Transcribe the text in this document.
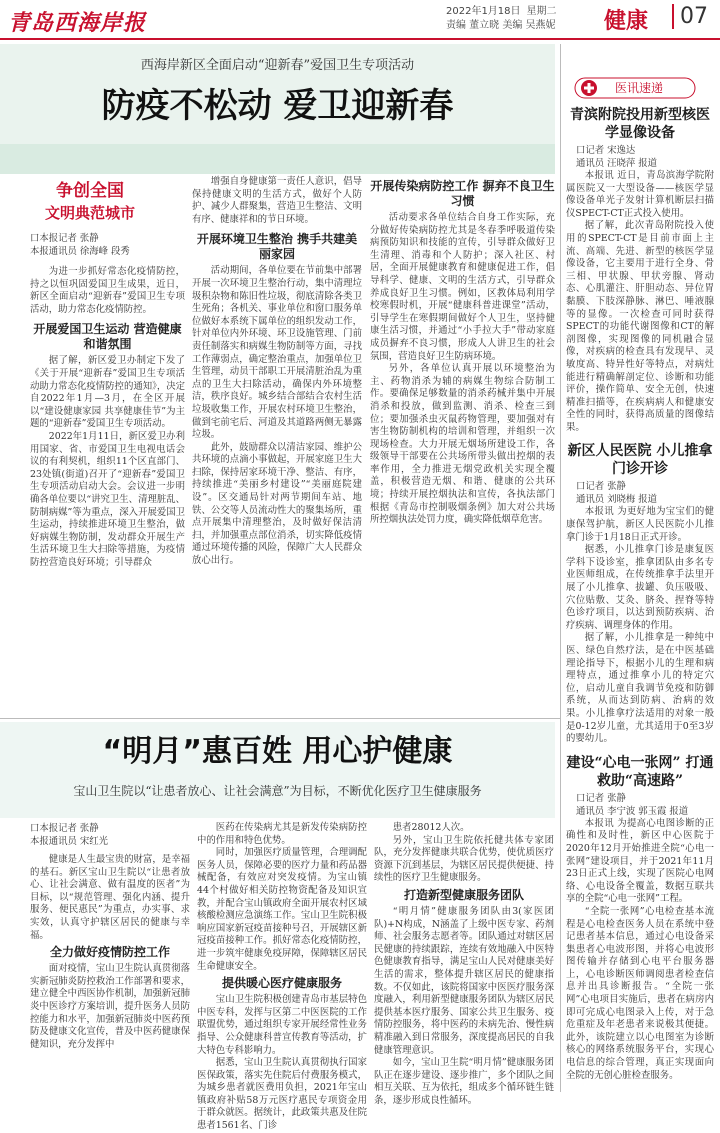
青岛西海岸报	2022年1月18日 星期二
责编 董立晓 美编 吴燕妮	健康	07
西海岸新区全面启动“迎新春”爱国卫生专项活动
防疫不松动 爱卫迎新春
争创全国
文明典范城市
口本报记者 张静
本报通讯员 徐海峰 段秀

为进一步抓好常态化疫情防控，持之以恒巩固爱国卫生成果，近日，新区全面启动“迎新春”爱国卫生专项活动，助力常态化疫情防控。

开展爱国卫生运动 营造健康和谐氛围

据了解，新区爱卫办制定下发了《关于开展“迎新春”爱国卫生专项活动助力常态化疫情防控的通知》，决定自2022年1月—3月，在全区开展以“建设健康家园 共享健康佳节”为主题的“迎新春”爱国卫生专项活动。

2022年1月11日，新区爱卫办利用国家、省、市爱国卫生电视电话会议的有利契机，组织11个区直部门、23处镇(街道)召开了“迎新春”爱国卫生专项活动启动大会。会议进一步明确各单位要以“讲究卫生、清理脏乱、防制病媒”等为重点，深入开展爱国卫生运动，持续推进环境卫生整治，做好病媒生物防制，发动群众开展生产生活环境卫生大扫除等措施，为疫情防控营造良好环境；引导群众

增强自身健康第一责任人意识，倡导保持健康文明的生活方式，做好个人防护、减少人群聚集，营造卫生整洁、文明有序、健康祥和的节日环境。

开展环境卫生整治 携手共建美丽家园

活动期间，各单位要在节前集中部署开展一次环境卫生整治行动，集中清理垃圾积杂物和陈旧性垃圾，彻底清除各类卫生死角；各机关、事业单位和窗口服务单位做好本系统下属单位的组织发动工作，针对单位内外环境、环卫设施管理、门前责任制落实和病媒生物防制等方面，寻找工作薄弱点，确定整治重点，加强单位卫生管理，动员干部职工开展清脏治乱为重点的卫生大扫除活动，确保内外环境整洁，秩序良好。城乡结合部结合农村生活垃圾收集工作，开展农村环境卫生整治，做到宅前宅后、河道及其道路两侧无暴露垃圾。

此外，鼓励群众以清洁家园、维护公共环境的点滴小事做起，开展家庭卫生大扫除，保持居家环境干净、整洁、有序，持续推进“美丽乡村建设”“美丽庭院建设”。区交通局针对两节期间车站、地铁、公交等人员流动性大的聚集场所，重点开展集中清理整治，及时做好保洁清扫，并加强重点部位消杀，切实降低疫情通过环境传播的风险，保障广大人民群众放心出行。

开展传染病防控工作 摒弃不良卫生习惯

活动要求各单位结合自身工作实际，充分做好传染病防控尤其是冬春季呼吸道传染病预防知识和技能的宣传，引导群众做好卫生清理、消毒和个人防护；深入社区、村居，全面开展健康教育和健康促进工作，倡导科学、健康、文明的生活方式，引导群众养成良好卫生习惯。例如，区教体局利用学校寒假时机，开展“健康科普进课堂”活动，引导学生在寒假期间做好个人卫生，坚持健康生活习惯，并通过“小手拉大手”带动家庭成员摒弃不良习惯，形成人人讲卫生的社会氛围，营造良好卫生防病环境。

另外，各单位认真开展以环境整治为主、药物消杀为辅的病媒生物综合防制工作。要确保足够数量的消杀药械并集中开展消杀和投放，做到监测、消杀、检查三到位；要加强杀虫灭鼠药物管理，要加强对有害生物防制机构的培训和管理，并组织一次现场检查。大力开展无烟场所建设工作，各级领导干部要在公共场所带头做出控烟的表率作用，全力推进无烟党政机关实现全覆盖，积极营造无烟、和谐、健康的公共环境；持续开展控烟执法和宣传，各执法部门根据《青岛市控制吸烟条例》加大对公共场所控烟执法处罚力度，确实降低烟草危害。

“明月”惠百姓 用心护健康
宝山卫生院以“让患者放心、让社会满意”为目标，不断优化医疗卫生健康服务
口本报记者 张静
本报通讯员 宋红光

健康是人生最宝贵的财富，是幸福的基石。新区宝山卫生院以“让患者放心、让社会满意、做有温度的医者”为目标，以“规范管理、强化内涵、提升服务、便民惠民”为重点，办实事、求实效，认真守护辖区居民的健康与幸福。

全力做好疫情防控工作

面对疫情，宝山卫生院认真贯彻落实新冠肺炎防控救治工作部署和要求，建立健全中西医协作机制，加强新冠肺炎中医诊疗方案培训，提升医务人员防控能力和水平，加强新冠肺炎中医药预防及健康文化宣传，普及中医药健康保健知识，充分发挥中

医药在传染病尤其是新发传染病防控中的作用和特色优势。

同时，加强医疗质量管理，合理调配医务人员，保障必要的医疗力量和药品器械配备，有效应对突发疫情。为宝山镇44个村做好相关防控物资配备及知识宣教，并配合宝山镇政府全面开展农村区域核酸检测应急演练工作。宝山卫生院积极响应国家新冠疫苗接种号召，开展辖区新冠疫苗接种工作。抓好常态化疫情防控，进一步筑牢健康免疫屏障，保障辖区居民生命健康安全。

提供暖心医疗健康服务

宝山卫生院积极创建青岛市基层特色中医专科，发挥与区第二中医医院的工作联盟优势，通过组织专家开展经常性业务指导、公众健康科普宣传教育等活动，扩大特色专科影响力。

据悉，宝山卫生院认真贯彻执行国家医保政策，落实先住院后付费服务模式，为城乡患者就医费用负担，2021年宝山镇政府补贴58万元医疗惠民专项资金用于群众就医。据统计，此政策共惠及住院患者1561名、门诊

患者28012人次。

另外，宝山卫生院依托健共体专家团队，充分发挥健康共联合优势，使优质医疗资源下沉到基层，为辖区居民提供便捷、持续性的医疗卫生健康服务。

打造新型健康服务团队

“明月情”健康服务团队由3(家医团队)+N构成，N涵盖了上级中医专家、药剂师、社会服务志愿者等。团队通过对辖区居民健康的持续跟踪，连续有效地融入中医特色健康教育指导，满足宝山人民对健康美好生活的需求，整体提升辖区居民的健康指数。不仅如此，该院将国家中医医疗服务深度融入，利用新型健康服务团队为辖区居民提供基本医疗服务、国家公共卫生服务、疫情防控服务，将中医药的未病先治、慢性病精准融入到日常服务，深度提高居民的自我健康管理意识。

如今，宝山卫生院“明月情”健康服务团队正在逐步建设、逐步推广，多个团队之间相互关联、互为依托，组成多个循环链生链条，逐步形成良性循环。

医讯速递
青滨附院投用新型核医学显像设备
口记者 宋逸达
通讯员 汪晓萍 报道

本报讯 近日，青岛滨海学院附属医院又一大型设备——核医学显像设备单光子发射计算机断层扫描仪SPECT-CT正式投入使用。

据了解，此次青岛附院投入使用的SPECT-CT是目前市面上主流、高端、先进、新型的核医学显像设备，它主要用于进行全身、骨三相、甲状腺、甲状旁腺、肾动态、心肌灌注、肝胆动态、异位胃黏膜、下肢深静脉、淋巴、唾液腺等的显像。一次检查可同时获得SPECT的功能代谢图像和CT的解剖图像，实现图像的同机融合显像，对疾病的检查具有发现早、灵敏度高、特异性好等特点，对病灶能进行精确解剖定位、诊断和功能评价，操作简单、安全无创，快速精准扫描等，在疾病病人和健康安全性的同时，获得高质量的图像结果。

新区人民医院 小儿推拿门诊开诊
口记者 张静
通讯员 刘晓梅 报道

本报讯 为更好地为宝宝们的健康保驾护航，新区人民医院小儿推拿门诊于1月18日正式开诊。

据悉，小儿推拿门诊是康复医学科下设诊室，推拿团队由多名专业医师组成，在传统推拿手法里开展了小儿推拿、拔罐、负压吸吸、穴位贴敷、艾灸、脐灸、捏脊等特色诊疗项目，以达到预防疾病、治疗疾病、调理身体的作用。

据了解，小儿推拿是一种纯中医、绿色自然疗法，是在中医基础理论指导下，根据小儿的生理和病理特点，通过推拿小儿的特定穴位，启动儿童自我调节免疫和防御系统，从而达到防病、治病的效果。小儿推拿疗法适用的对象一般是0-12岁儿童，尤其适用于0至3岁的婴幼儿。

建设“心电一张网” 打通救助“高速路”
口记者 张静
通讯员 李宁波 郭玉霞 报道

本报讯 为提高心电图诊断的正确性和及时性，新区中心医院于2020年12月开始推进全院“心电一张网”建设项目，并于2021年11月23日正式上线，实现了医院心电网络、心电设备全覆盖，数据互联共享的全院“心电一张网”工程。

“全院一张网”心电检查基本流程是心电检查医务人员在系统中登记患者基本信息，通过心电设备采集患者心电波形图，并将心电波形图传输并存储到心电平台服务器上，心电诊断医师调阅患者检查信息并出具诊断报告。“全院一张网”心电项目实施后，患者在病房内即可完成心电图录入上传，对于急危重症及年老患者来说极其便捷。此外，该院建立以心电图室为诊断核心的网络系统服务平台，实现心电信息的综合管理，真正实现面向全院的无创心脏检查服务。
